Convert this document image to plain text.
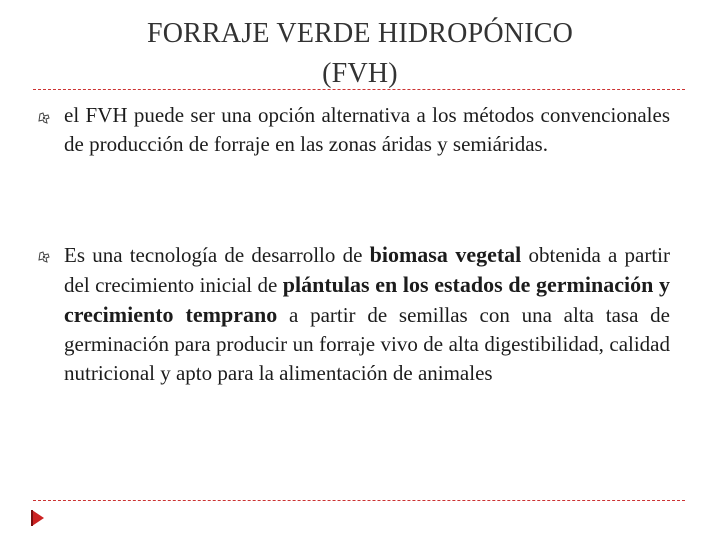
FORRAJE VERDE HIDROPÓNICO
(FVH)
el FVH puede ser una opción alternativa a los métodos convencionales de producción de forraje en las zonas áridas y semiáridas.
Es una tecnología de desarrollo de biomasa vegetal obtenida a partir del crecimiento inicial de plántulas en los estados de germinación y crecimiento temprano a partir de semillas con una alta tasa de germinación para producir un forraje vivo de alta digestibilidad, calidad nutricional y apto para la alimentación de animales
